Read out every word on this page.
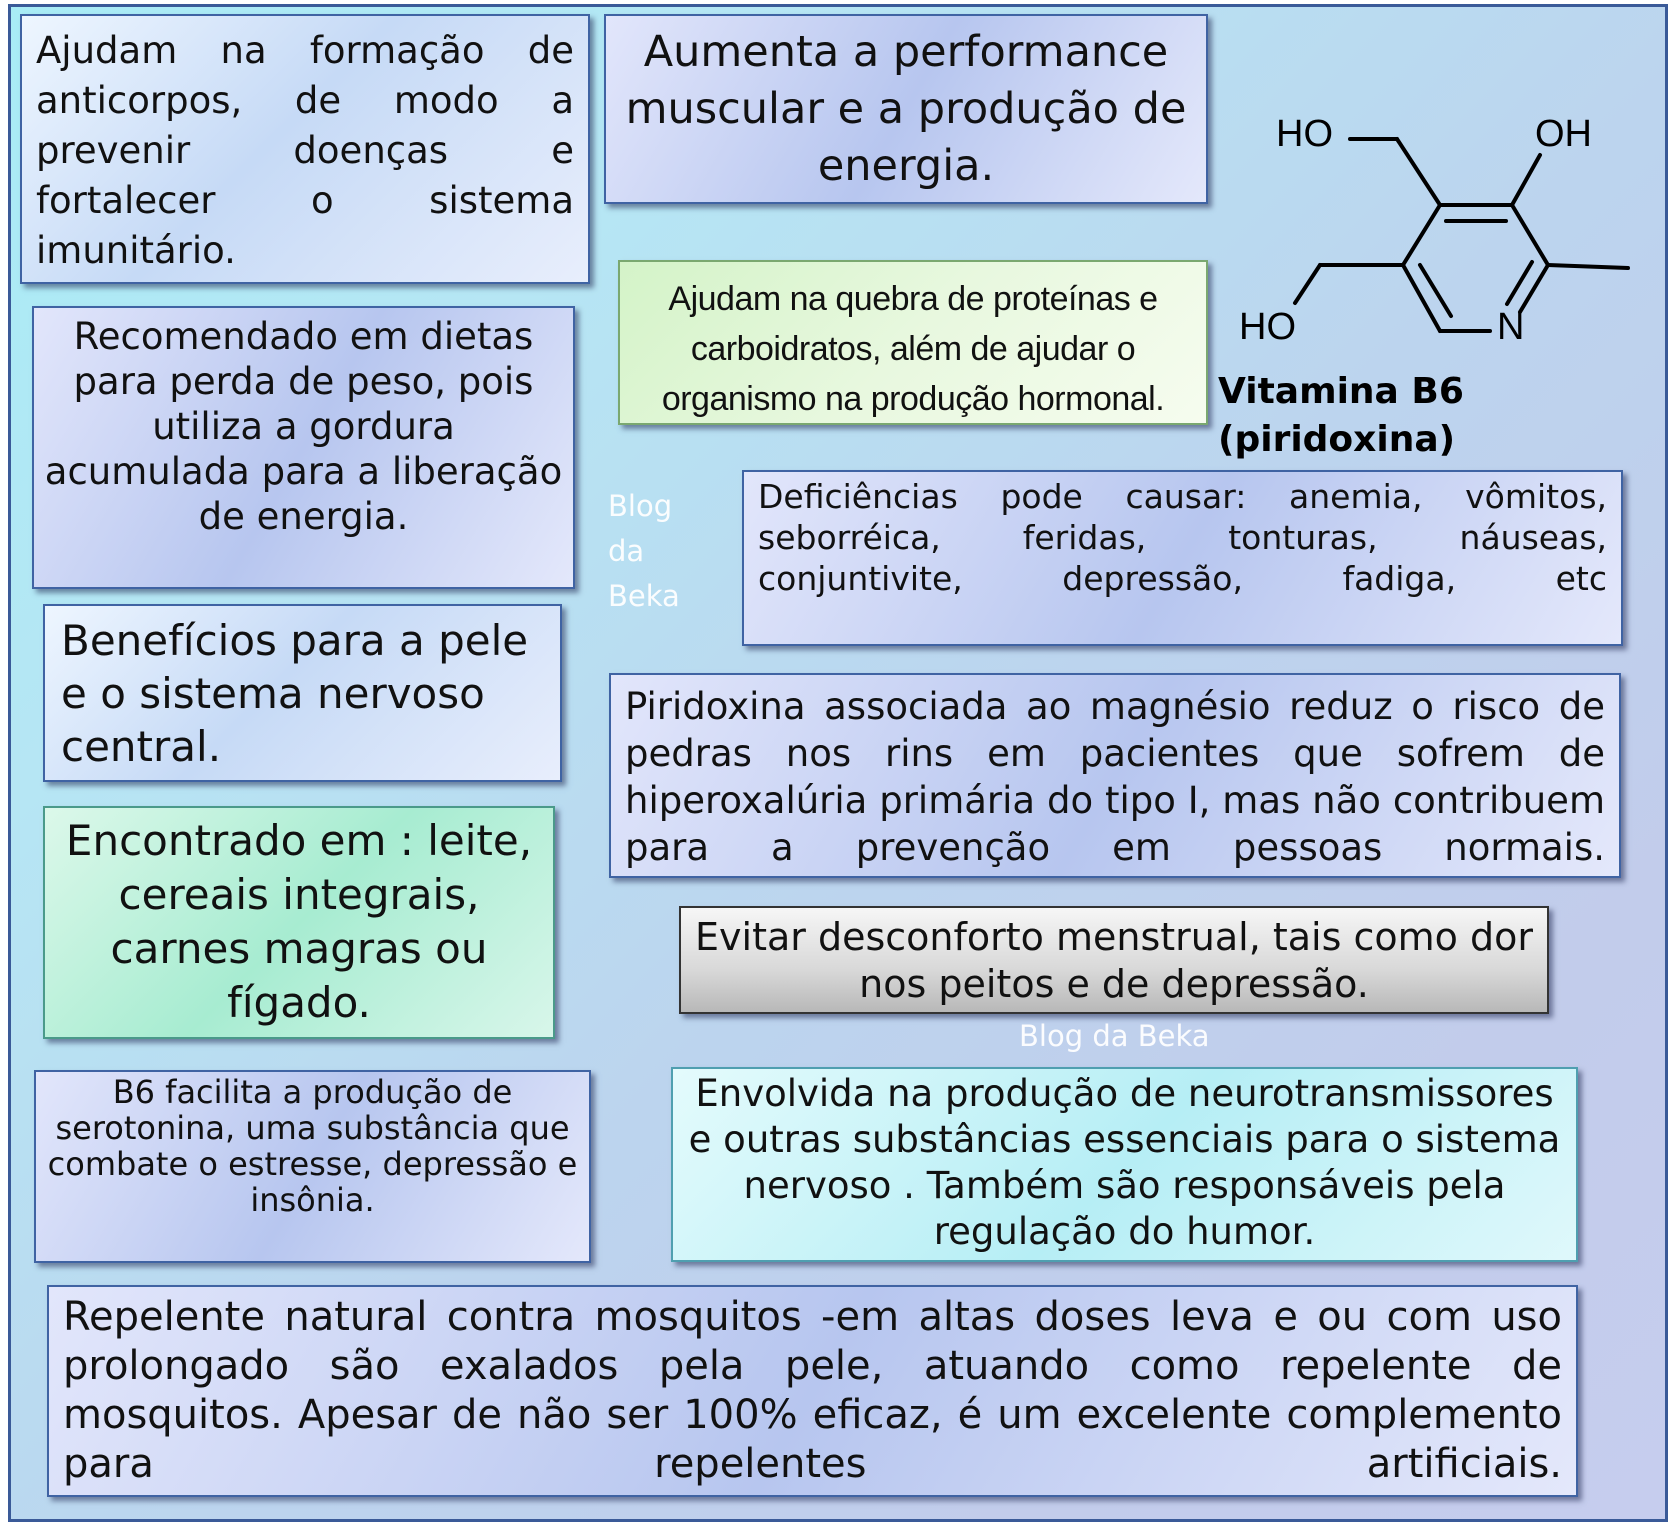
Ajudam na formação de anticorpos, de modo a prevenir doenças e fortalecer o sistema imunitário.

Aumenta a performance muscular e a produção de energia.

Ajudam na quebra de proteínas e carboidratos, além de ajudar o organismo na produção hormonal.

Recomendado em dietas para perda de peso, pois utiliza a gordura acumulada para a liberação de energia.	Deficiências pode causar: anemia, vômitos, seborréica, feridas, tonturas, náuseas, conjuntivite, depressão, fadiga, etc

Benefícios para a pele e o sistema nervoso central.

Piridoxina associada ao magnésio reduz o risco de pedras nos rins em pacientes que sofrem de hiperoxalúria primária do tipo I, mas não contribuem para a prevenção em pessoas normais.

Encontrado em : leite, cereais integrais, carnes magras ou fígado.

Evitar desconforto menstrual, tais como dor nos peitos e de depressão.

B6 facilita a produção de serotonina, uma substância que combate o estresse, depressão e insônia.

Envolvida na produção de neurotransmissores e outras substâncias essenciais para o sistema nervoso . Também são responsáveis pela regulação do humor.

Repelente natural contra mosquitos -em altas doses leva e ou com uso prolongado são exalados pela pele, atuando como repelente de mosquitos. Apesar de não ser 100% eficaz, é um excelente complemento para repelentes artificiais.

HO	OH
HO	N
Vitamina B6
(piridoxina)
Blog
da
Beka
Blog da Beka
